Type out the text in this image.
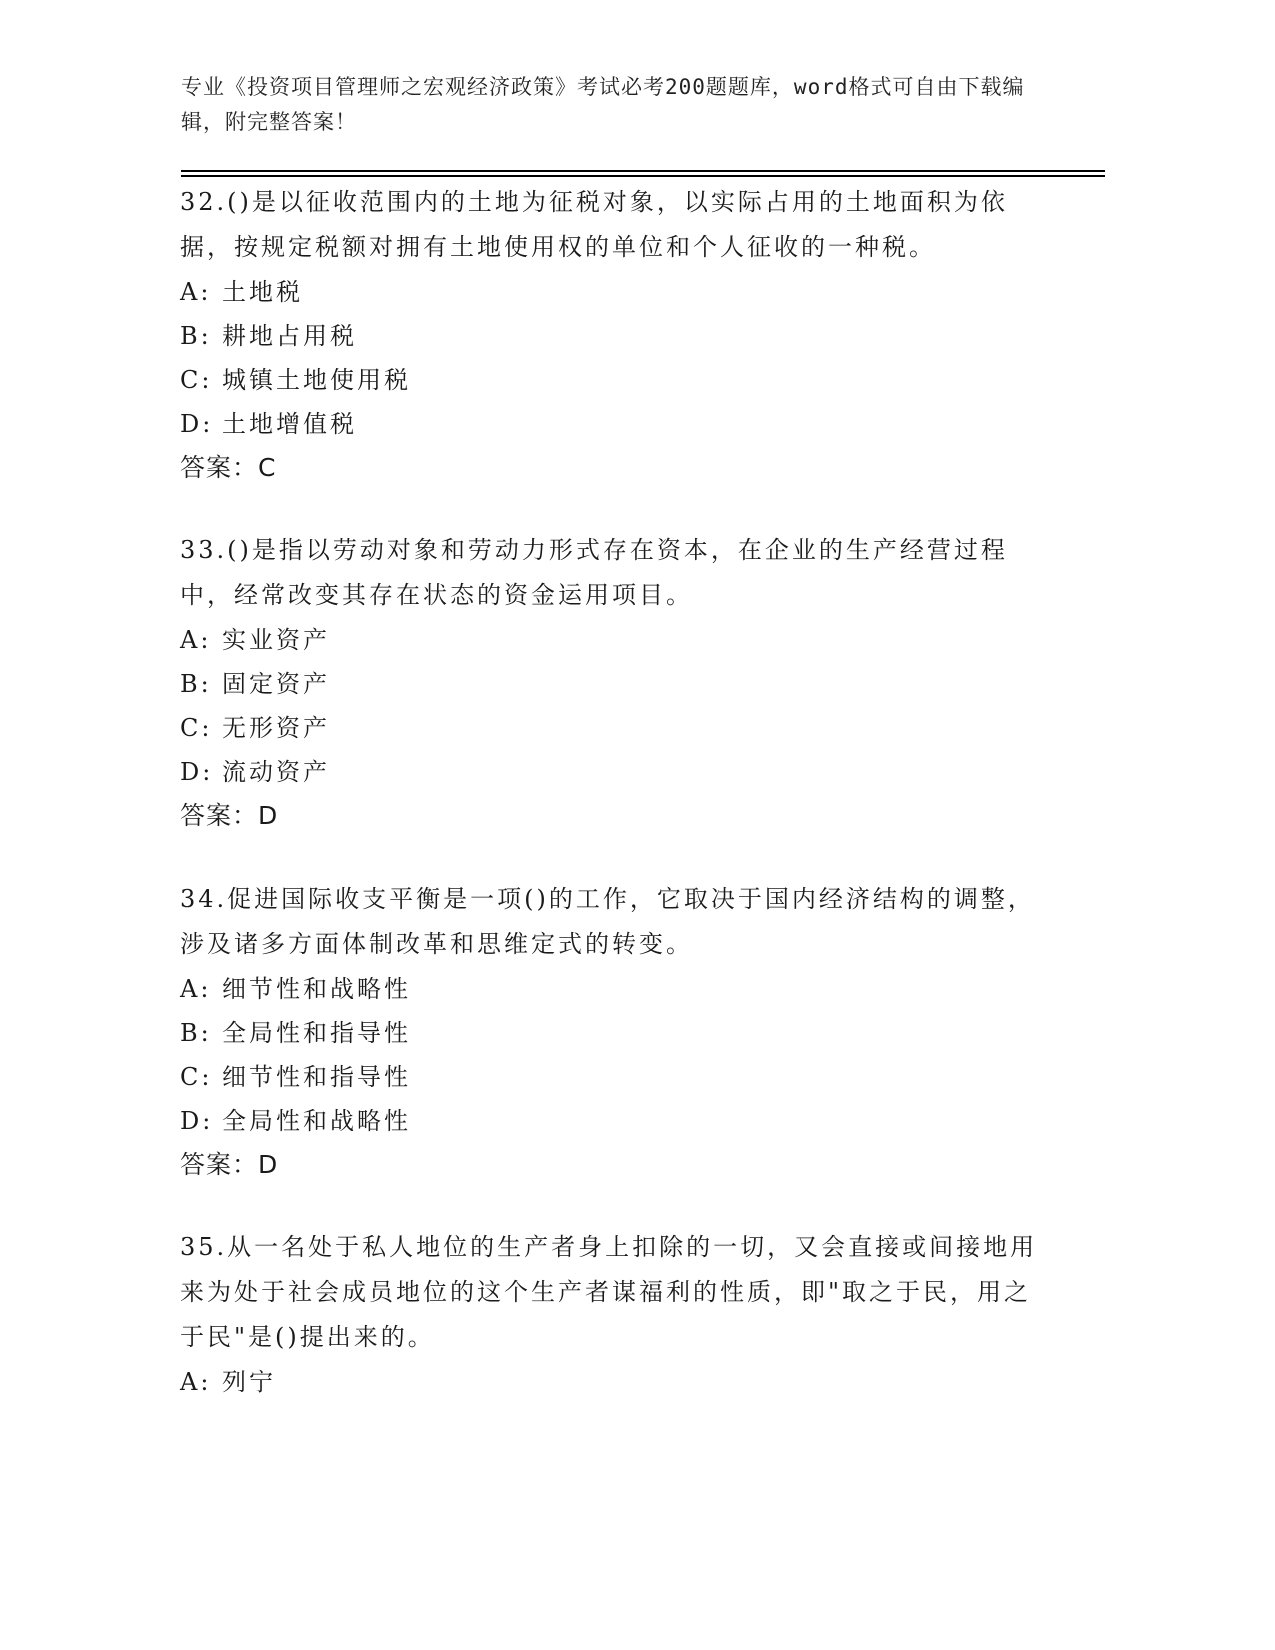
专业《投资项目管理师之宏观经济政策》考试必考200题题库，word格式可自由下载编辑，附完整答案！

32.()是以征收范围内的土地为征税对象，以实际占用的土地面积为依据，按规定税额对拥有土地使用权的单位和个人征收的一种税。

A: 土地税

B: 耕地占用税

C: 城镇土地使用税

D: 土地增值税

答案：C

33.()是指以劳动对象和劳动力形式存在资本，在企业的生产经营过程中，经常改变其存在状态的资金运用项目。

A: 实业资产

B: 固定资产

C: 无形资产

D: 流动资产

答案：D

34.促进国际收支平衡是一项()的工作，它取决于国内经济结构的调整，涉及诸多方面体制改革和思维定式的转变。

A: 细节性和战略性

B: 全局性和指导性

C: 细节性和指导性

D: 全局性和战略性

答案：D

35.从一名处于私人地位的生产者身上扣除的一切，又会直接或间接地用来为处于社会成员地位的这个生产者谋福利的性质，即"取之于民，用之于民"是()提出来的。

A: 列宁
